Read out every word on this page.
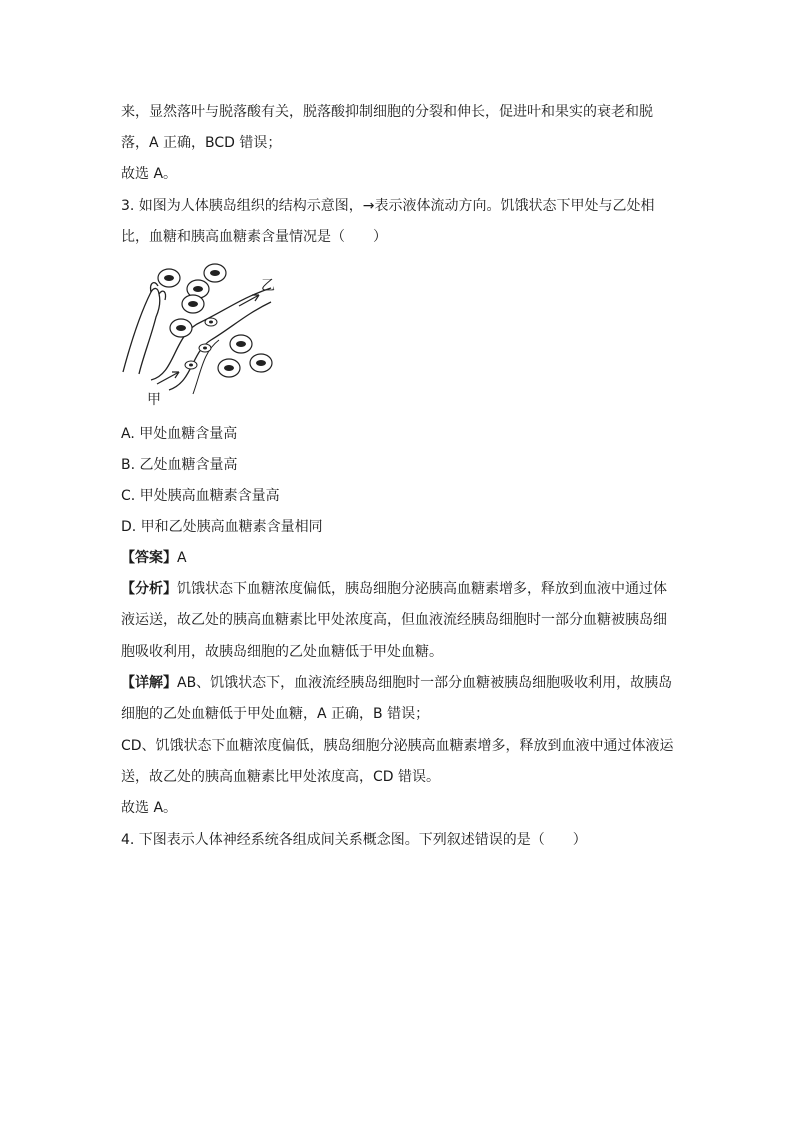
来，显然落叶与脱落酸有关，脱落酸抑制细胞的分裂和伸长，促进叶和果实的衰老和脱
落，A 正确，BCD 错误；
故选 A。
3. 如图为人体胰岛组织的结构示意图，→表示液体流动方向。饥饿状态下甲处与乙处相
比，血糖和胰高血糖素含量情况是（　　）
乙
甲
A. 甲处血糖含量高
B. 乙处血糖含量高
C. 甲处胰高血糖素含量高
D. 甲和乙处胰高血糖素含量相同
【答案】A
【分析】饥饿状态下血糖浓度偏低，胰岛细胞分泌胰高血糖素增多，释放到血液中通过体
液运送，故乙处的胰高血糖素比甲处浓度高，但血液流经胰岛细胞时一部分血糖被胰岛细
胞吸收利用，故胰岛细胞的乙处血糖低于甲处血糖。
【详解】AB、饥饿状态下，血液流经胰岛细胞时一部分血糖被胰岛细胞吸收利用，故胰岛
细胞的乙处血糖低于甲处血糖，A 正确，B 错误；
CD、饥饿状态下血糖浓度偏低，胰岛细胞分泌胰高血糖素增多，释放到血液中通过体液运
送，故乙处的胰高血糖素比甲处浓度高，CD 错误。
故选 A。
4. 下图表示人体神经系统各组成间关系概念图。下列叙述错误的是（　　）
